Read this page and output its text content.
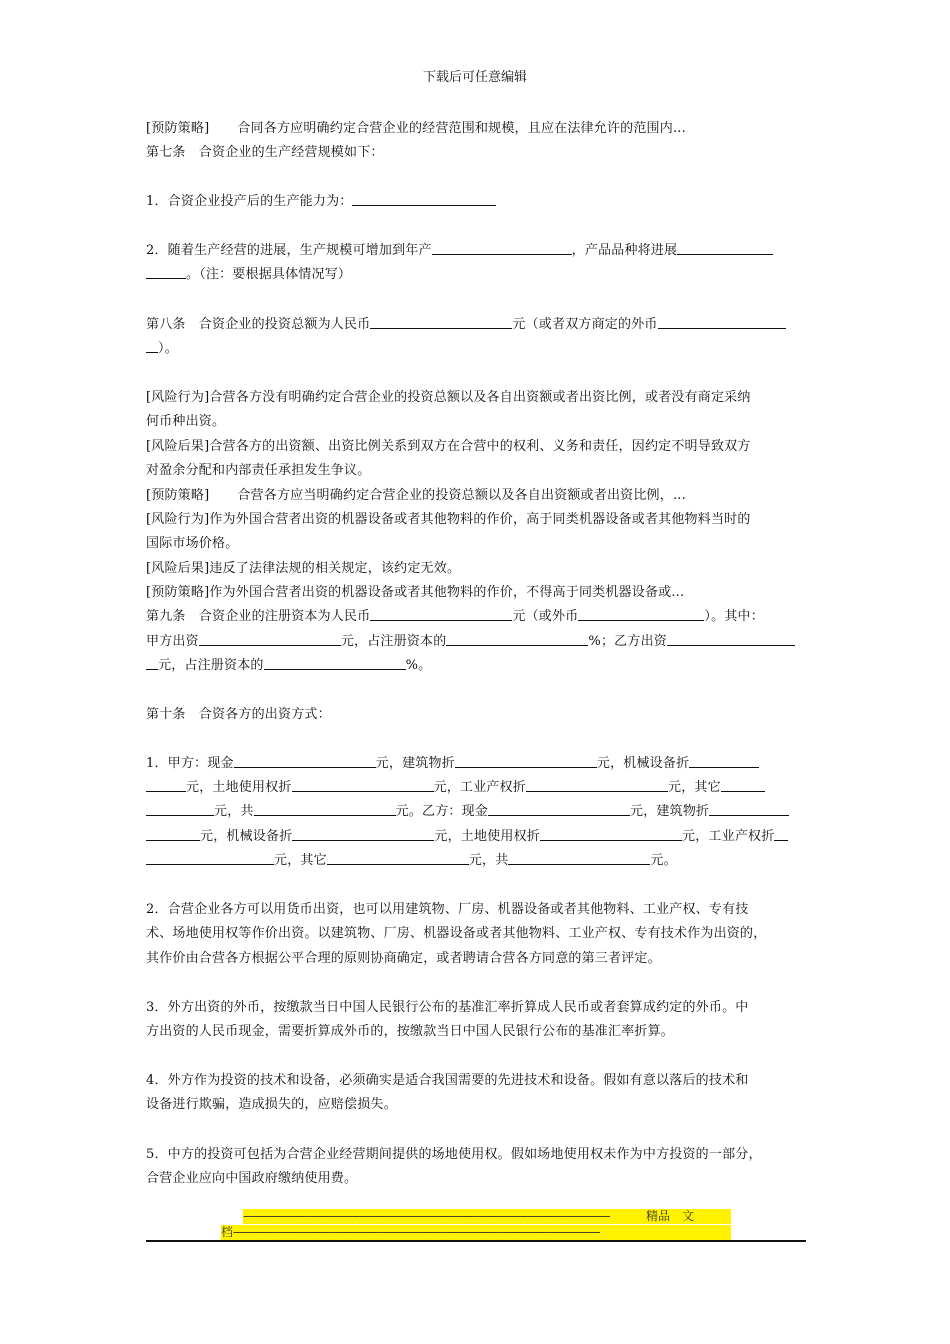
下载后可任意编辑
[预防策略] 合同各方应明确约定合营企业的经营范围和规模，且应在法律允许的范围内...
第七条　合资企业的生产经营规模如下：
1．合资企业投产后的生产能力为：
2．随着生产经营的进展，生产规模可增加到年产	，产品品种将进展
。（注：要根据具体情况写）
第八条　合资企业的投资总额为人民币	元（或者双方商定的外币
）。
[风险行为]合营各方没有明确约定合营企业的投资总额以及各自出资额或者出资比例，或者没有商定采纳
何币种出资。
[风险后果]合营各方的出资额、出资比例关系到双方在合营中的权利、义务和责任，因约定不明导致双方
对盈余分配和内部责任承担发生争议。
[预防策略] 合营各方应当明确约定合营企业的投资总额以及各自出资额或者出资比例，...
[风险行为]作为外国合营者出资的机器设备或者其他物料的作价，高于同类机器设备或者其他物料当时的
国际市场价格。
[风险后果]违反了法律法规的相关规定，该约定无效。
[预防策略]作为外国合营者出资的机器设备或者其他物料的作价，不得高于同类机器设备或...
第九条　合资企业的注册资本为人民币	元（或外币	）。其中：
甲方出资	元，占注册资本的	%；乙方出资
元，占注册资本的	%。
第十条　合资各方的出资方式：
1．甲方：现金	元，建筑物折	元，机械设备折
元，土地使用权折	元，工业产权折	元，其它
元，共	元。乙方：现金	元，建筑物折
元，机械设备折	元，土地使用权折	元，工业产权折
元，其它	元，共	元。
2．合营企业各方可以用货币出资，也可以用建筑物、厂房、机器设备或者其他物料、工业产权、专有技
术、场地使用权等作价出资。以建筑物、厂房、机器设备或者其他物料、工业产权、专有技术作为出资的，
其作价由合营各方根据公平合理的原则协商确定，或者聘请合营各方同意的第三者评定。
3．外方出资的外币，按缴款当日中国人民银行公布的基准汇率折算成人民币或者套算成约定的外币。中
方出资的人民币现金，需要折算成外币的，按缴款当日中国人民银行公布的基准汇率折算。
4．外方作为投资的技术和设备，必须确实是适合我国需要的先进技术和设备。假如有意以落后的技术和
设备进行欺骗，造成损失的，应赔偿损失。
5．中方的投资可包括为合营企业经营期间提供的场地使用权。假如场地使用权未作为中方投资的一部分，
合营企业应向中国政府缴纳使用费。
------------------------------------------------------------------------------------------------------------------------	精品　文
档------------------------------------------------------------------------------------------------------------------------
